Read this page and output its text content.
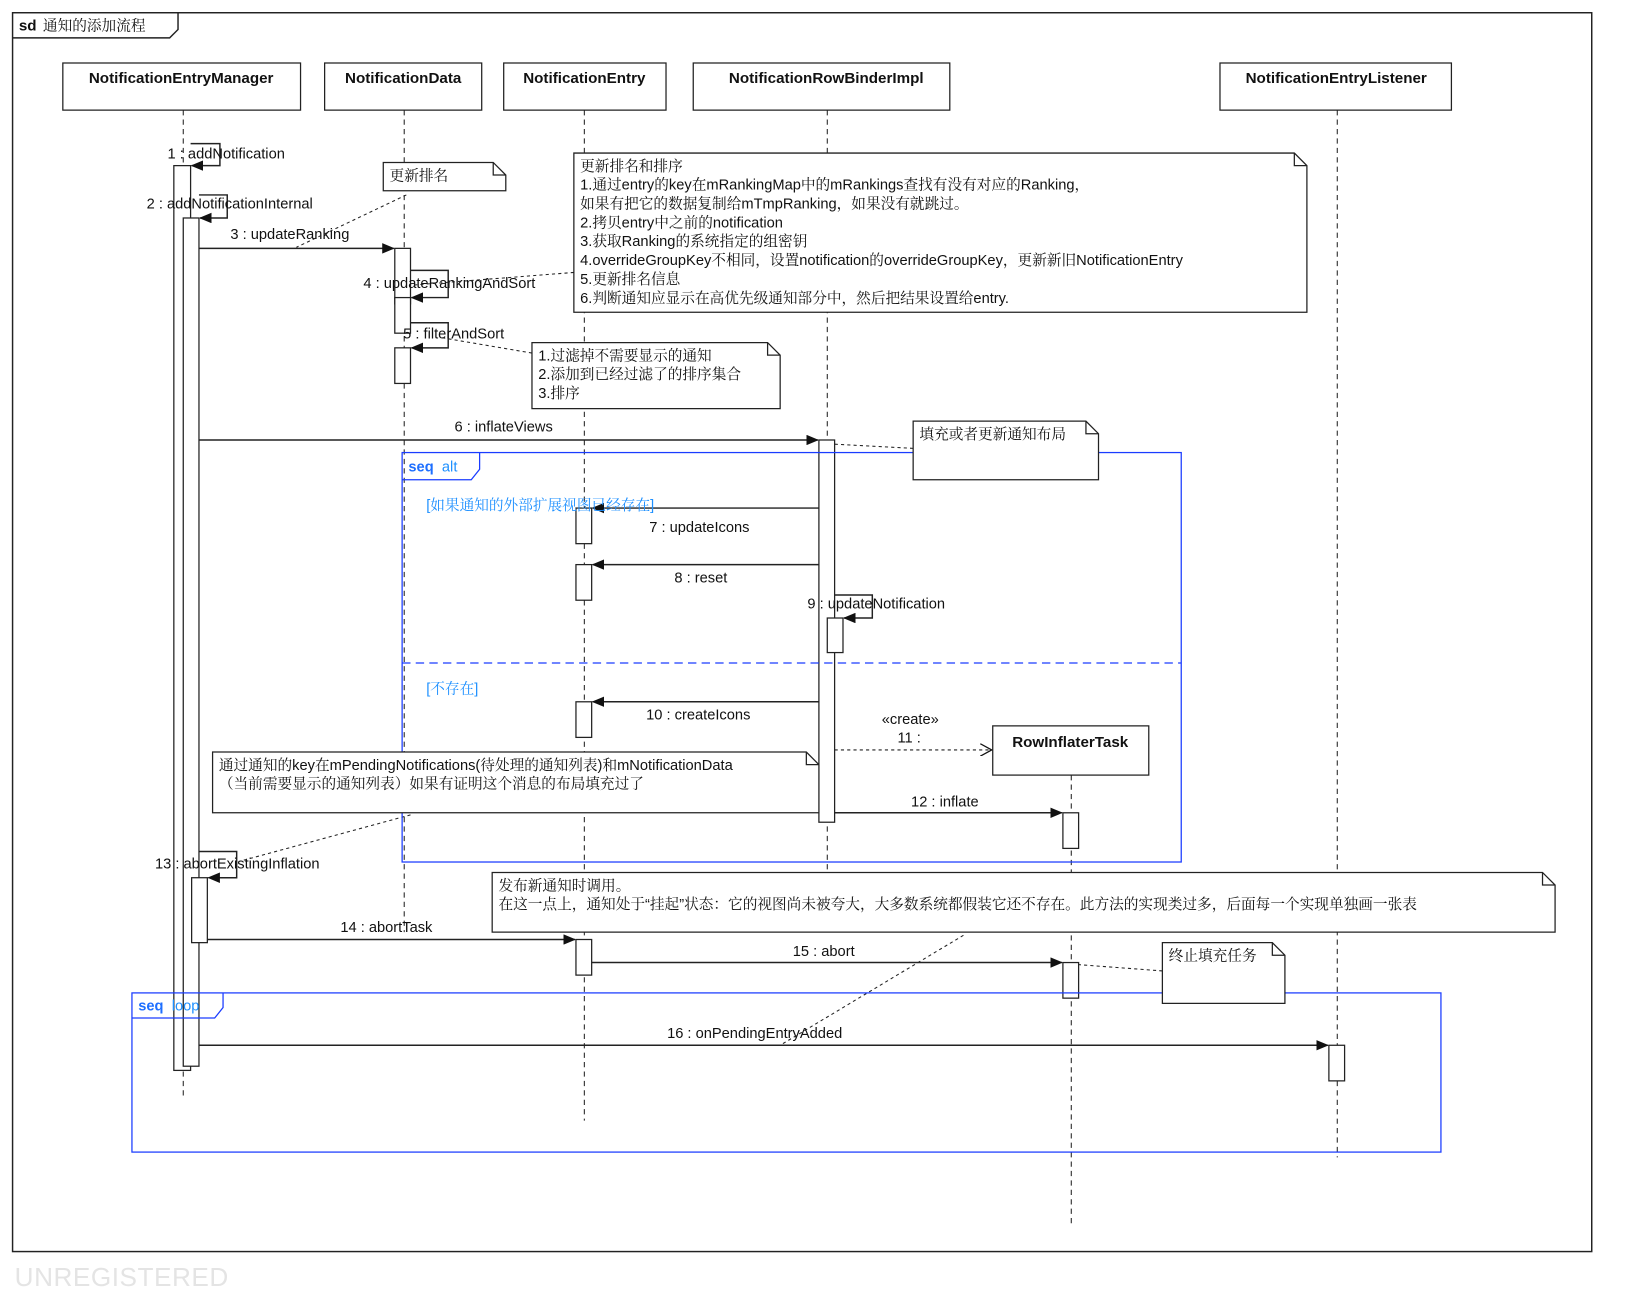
UNREGISTERED
sd 通知的添加流程
NotificationEntryManager	NotificationData	NotificationEntry	NotificationRowBinderImpl	NotificationEntryListener
RowInflaterTask
1 : addNotification
2 : addNotificationInternal
3 : updateRanking
4 : updateRankingAndSort
5 : filterAndSort
6 : inflateViews
7 : updateIcons
8 : reset
9 : updateNotification
10 : createIcons	«create»
11 :
12 : inflate
13 : abortExistingInflation
14 : abortTask
15 : abort
16 : onPendingEntryAdded
seq alt
[如果通知的外部扩展视图已经存在]
[不存在]
seq loop
更新排名
更新排名和排序
1.通过entry的key在mRankingMap中的mRankings查找有没有对应的Ranking，
如果有把它的数据复制给mTmpRanking，如果没有就跳过。
2.拷贝entry中之前的notification
3.获取Ranking的系统指定的组密钥
4.overrideGroupKey不相同，设置notification的overrideGroupKey，更新新旧NotificationEntry
5.更新排名信息
6.判断通知应显示在高优先级通知部分中，然后把结果设置给entry.
1.过滤掉不需要显示的通知
2.添加到已经过滤了的排序集合
3.排序
填充或者更新通知布局
通过通知的key在mPendingNotifications(待处理的通知列表)和mNotificationData
（当前需要显示的通知列表）如果有证明这个消息的布局填充过了
发布新通知时调用。
在这一点上，通知处于“挂起”状态：它的视图尚未被夸大，大多数系统都假装它还不存在。此方法的实现类过多，后面每一个实现单独画一张表
终止填充任务
